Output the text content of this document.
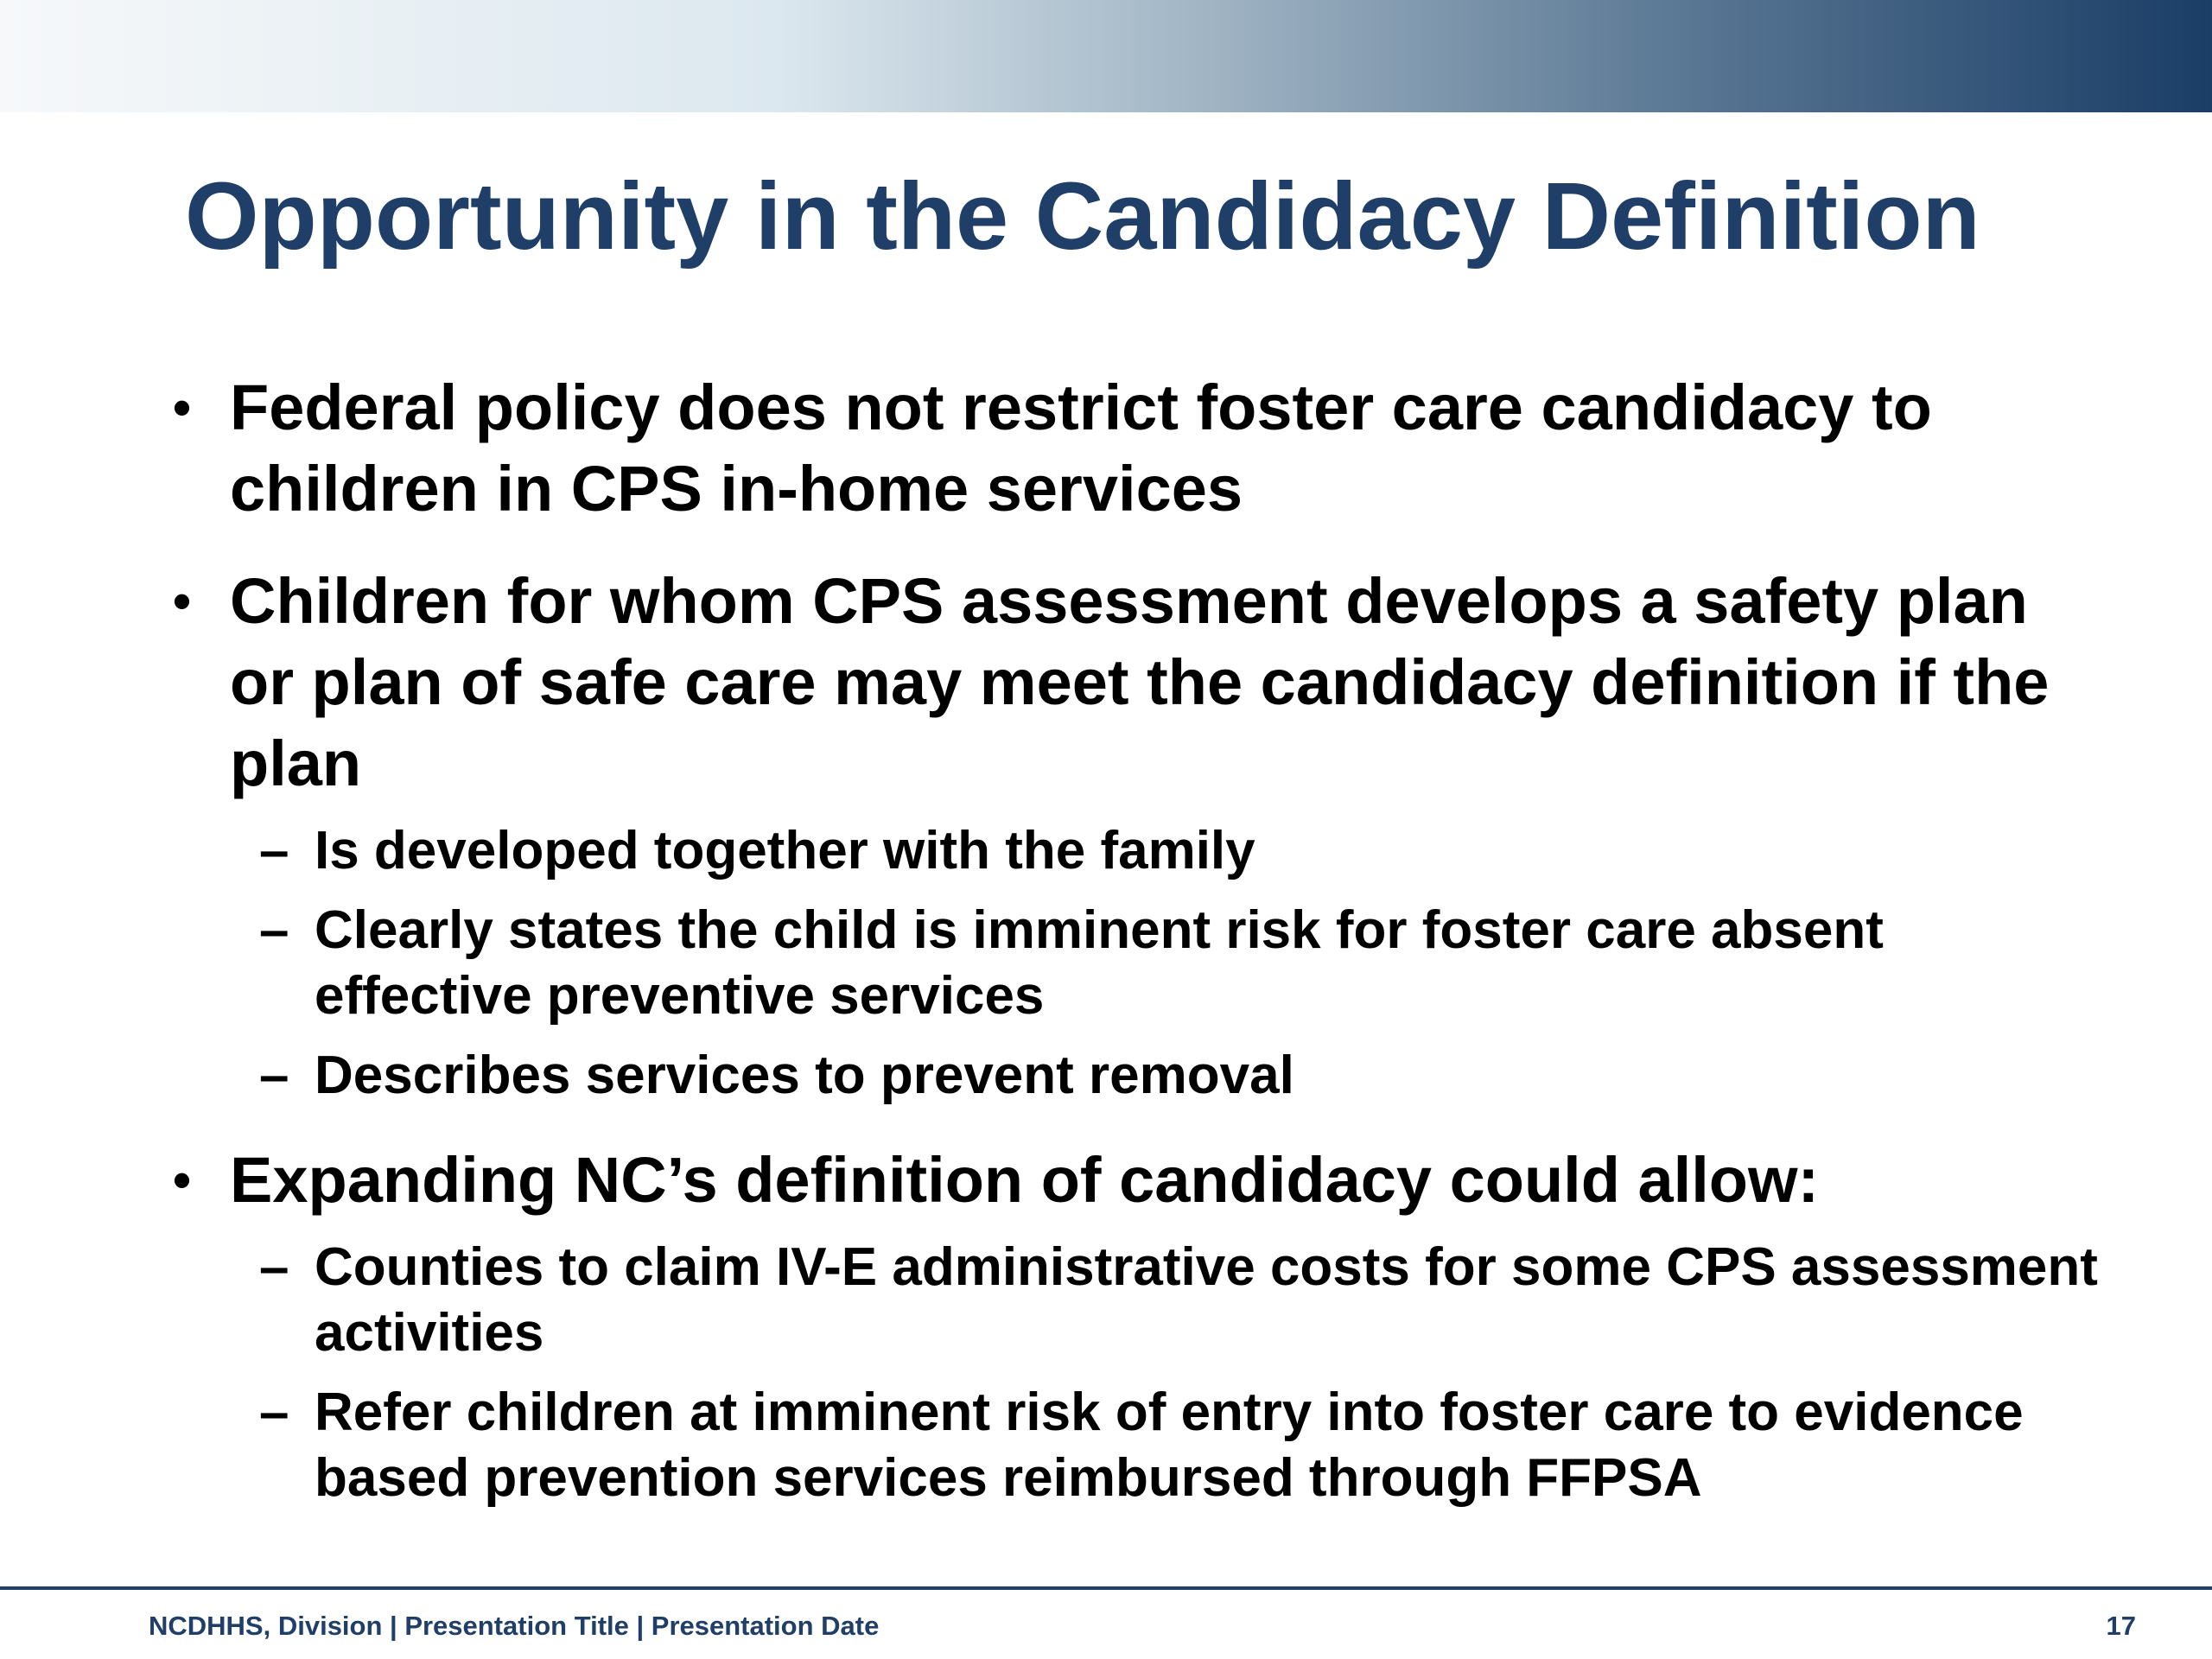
Opportunity in the Candidacy Definition
• Federal policy does not restrict foster care candidacy to children in CPS in-home services
• Children for whom CPS assessment develops a safety plan or plan of safe care may meet the candidacy definition if the plan
– Is developed together with the family
– Clearly states the child is imminent risk for foster care absent effective preventive services
– Describes services to prevent removal
• Expanding NC’s definition of candidacy could allow:
– Counties to claim IV-E administrative costs for some CPS assessment activities
– Refer children at imminent risk of entry into foster care to evidence based prevention services reimbursed through FFPSA
NCDHHS, Division | Presentation Title | Presentation Date	17
